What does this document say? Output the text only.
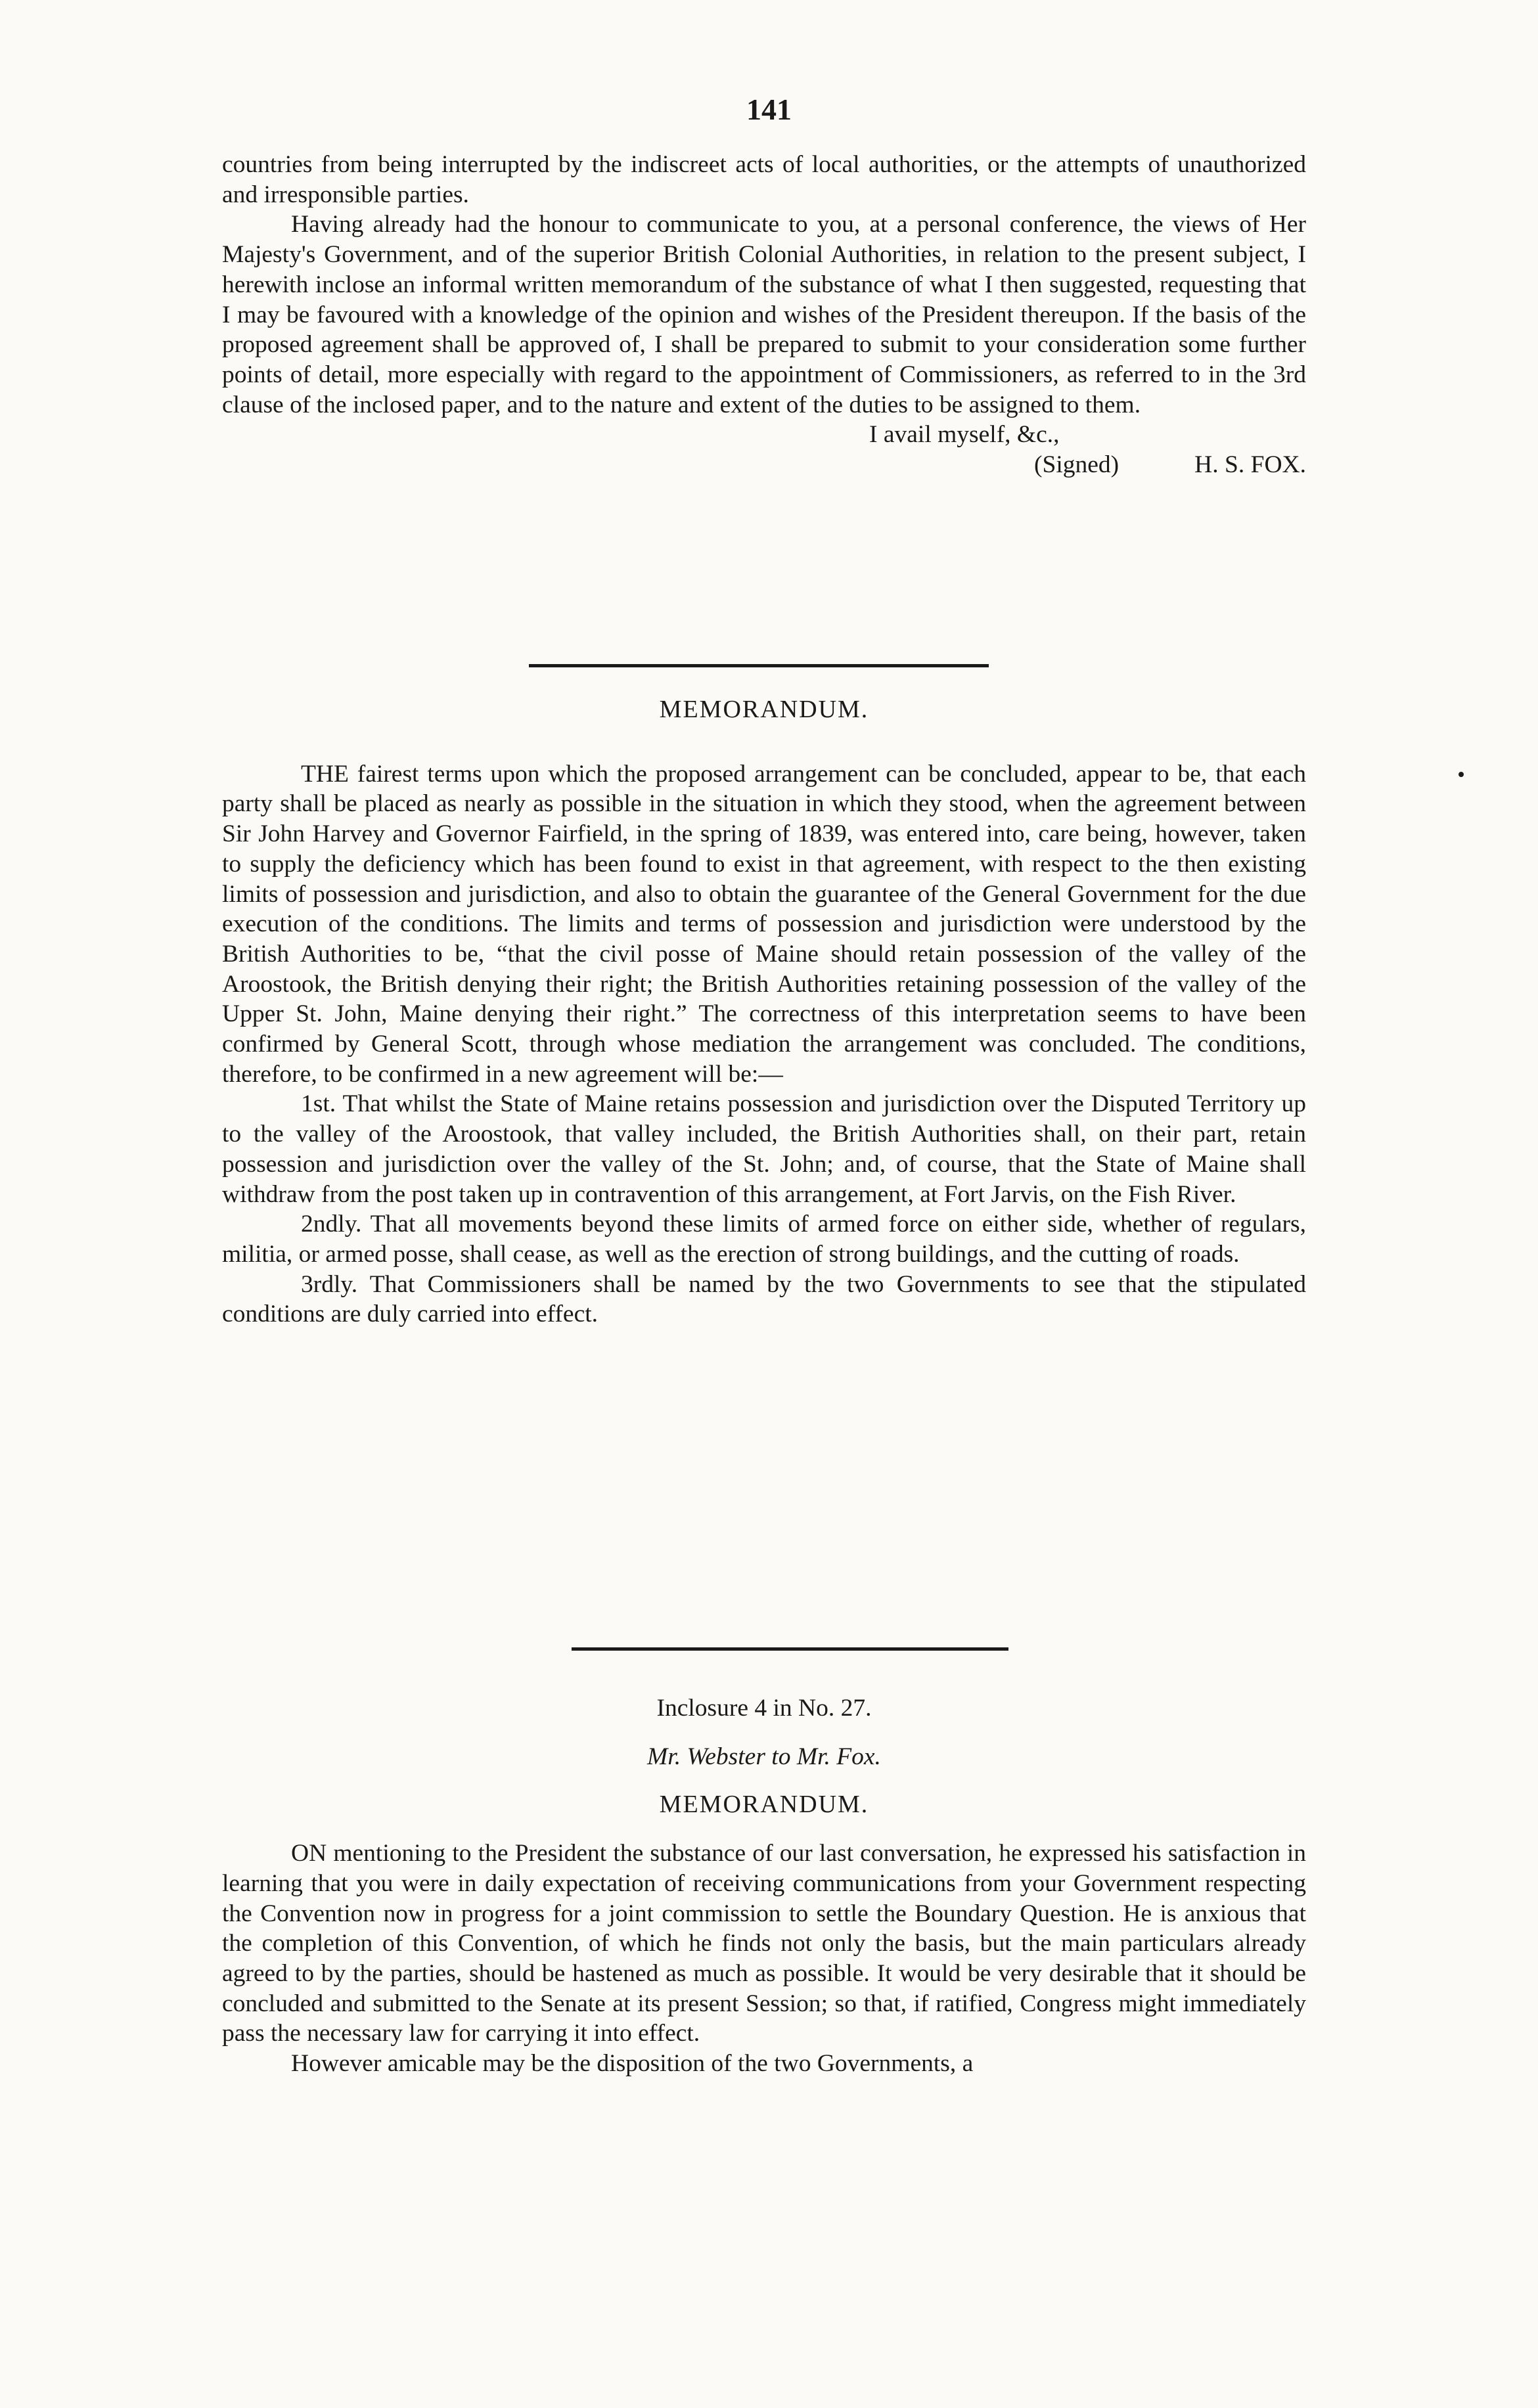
141

countries from being interrupted by the indiscreet acts of local authorities, or the attempts of unauthorized and irresponsible parties.

Having already had the honour to communicate to you, at a personal conference, the views of Her Majesty's Government, and of the superior British Colonial Authorities, in relation to the present subject, I herewith inclose an informal written memorandum of the substance of what I then suggested, requesting that I may be favoured with a knowledge of the opinion and wishes of the President thereupon. If the basis of the proposed agreement shall be approved of, I shall be prepared to submit to your consideration some further points of detail, more especially with regard to the appointment of Commissioners, as referred to in the 3rd clause of the inclosed paper, and to the nature and extent of the duties to be assigned to them.

I avail myself, &c.,

(Signed)	H. S. FOX.

MEMORANDUM.

THE fairest terms upon which the proposed arrangement can be concluded, appear to be, that each party shall be placed as nearly as possible in the situation in which they stood, when the agreement between Sir John Harvey and Governor Fairfield, in the spring of 1839, was entered into, care being, however, taken to supply the deficiency which has been found to exist in that agreement, with respect to the then existing limits of possession and jurisdiction, and also to obtain the guarantee of the General Government for the due execution of the conditions. The limits and terms of possession and jurisdiction were understood by the British Authorities to be, “that the civil posse of Maine should retain possession of the valley of the Aroostook, the British denying their right; the British Authorities retaining possession of the valley of the Upper St. John, Maine denying their right.” The correctness of this interpretation seems to have been confirmed by General Scott, through whose mediation the arrangement was concluded. The conditions, therefore, to be confirmed in a new agreement will be:—

1st. That whilst the State of Maine retains possession and jurisdiction over the Disputed Territory up to the valley of the Aroostook, that valley included, the British Authorities shall, on their part, retain possession and jurisdiction over the valley of the St. John; and, of course, that the State of Maine shall withdraw from the post taken up in contravention of this arrangement, at Fort Jarvis, on the Fish River.

2ndly. That all movements beyond these limits of armed force on either side, whether of regulars, militia, or armed posse, shall cease, as well as the erection of strong buildings, and the cutting of roads.

3rdly. That Commissioners shall be named by the two Governments to see that the stipulated conditions are duly carried into effect.

Inclosure 4 in No. 27.

Mr. Webster to Mr. Fox.

MEMORANDUM.

ON mentioning to the President the substance of our last conversation, he expressed his satisfaction in learning that you were in daily expectation of receiving communications from your Government respecting the Convention now in progress for a joint commission to settle the Boundary Question. He is anxious that the completion of this Convention, of which he finds not only the basis, but the main particulars already agreed to by the parties, should be hastened as much as possible. It would be very desirable that it should be concluded and submitted to the Senate at its present Session; so that, if ratified, Congress might immediately pass the necessary law for carrying it into effect.

However amicable may be the disposition of the two Governments, a
